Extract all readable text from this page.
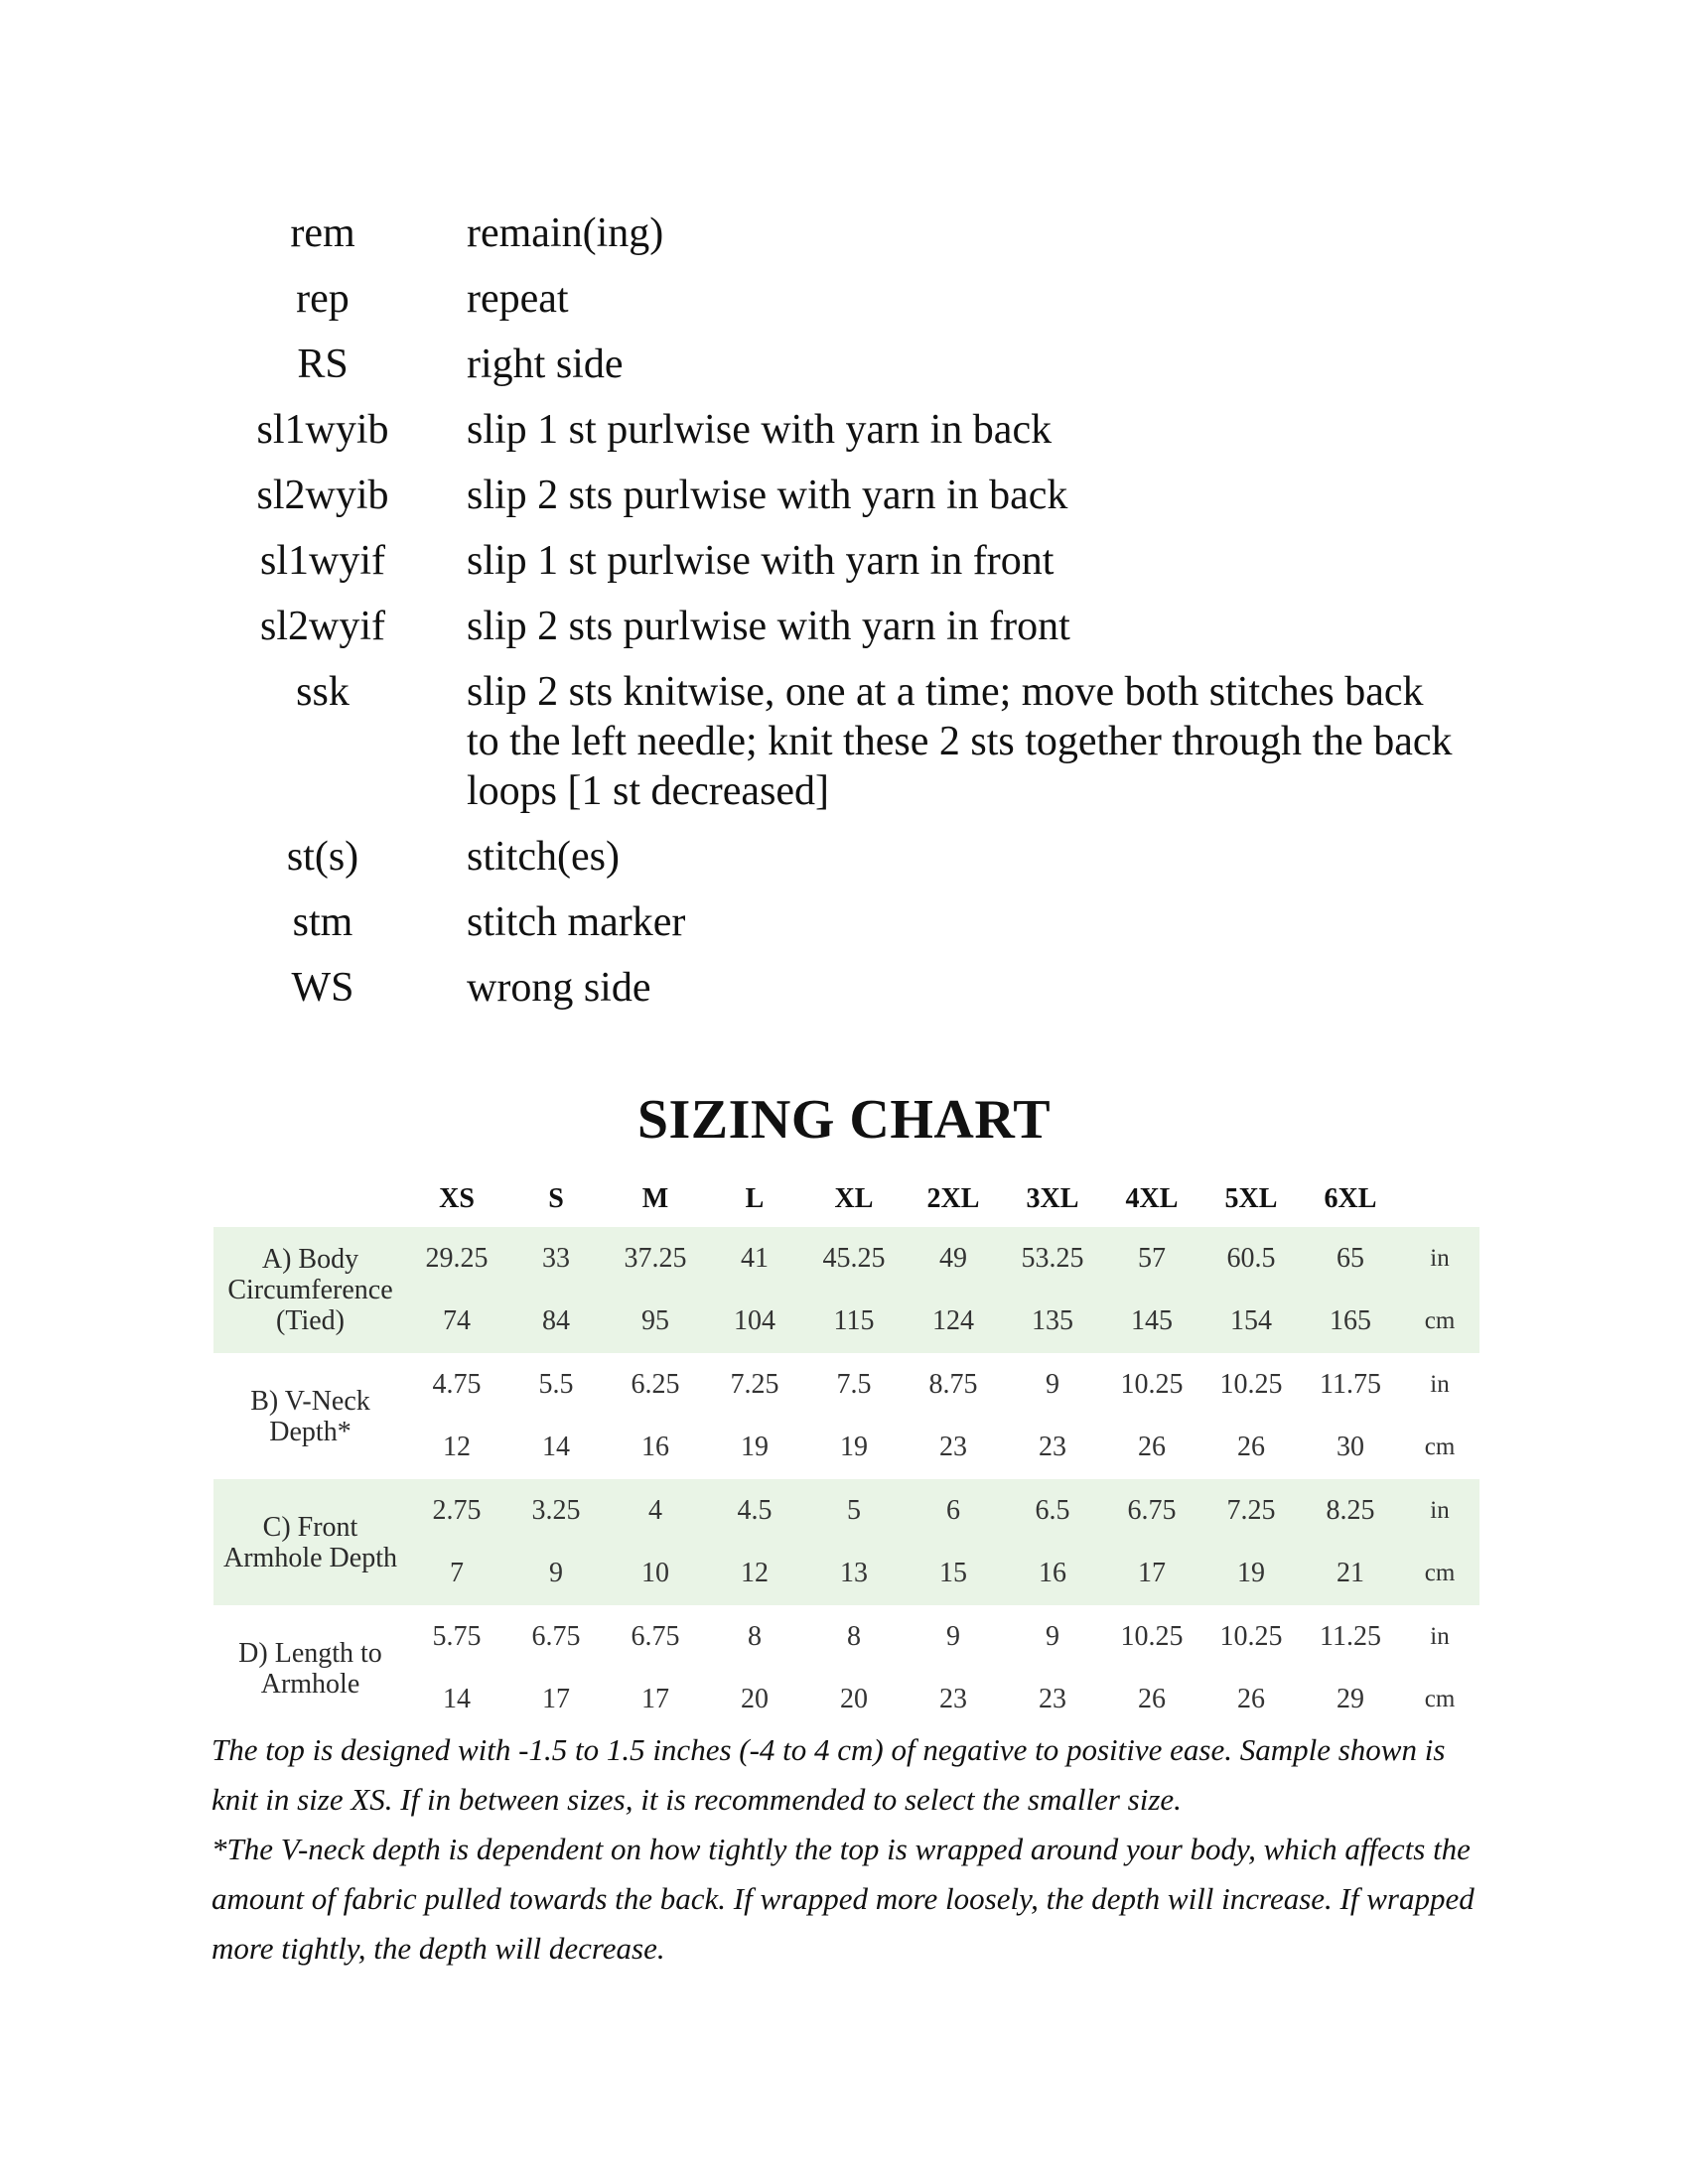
rem	remain(ing)
rep	repeat
RS	right side
sl1wyib	slip 1 st purlwise with yarn in back
sl2wyib	slip 2 sts purlwise with yarn in back
sl1wyif	slip 1 st purlwise with yarn in front
sl2wyif	slip 2 sts purlwise with yarn in front
ssk	slip 2 sts knitwise, one at a time; move both stitches back to the left needle; knit these 2 sts together through the back loops [1 st decreased]
st(s)	stitch(es)
stm	stitch marker
WS	wrong side
SIZING CHART
XS	S	M	L	XL	2XL	3XL	4XL	5XL	6XL
A) Body Circumference (Tied)
29.25	33	37.25	41	45.25	49	53.25	57	60.5	65	in
74	84	95	104	115	124	135	145	154	165	cm
B) V-Neck Depth*
4.75	5.5	6.25	7.25	7.5	8.75	9	10.25	10.25	11.75	in
12	14	16	19	19	23	23	26	26	30	cm
C) Front Armhole Depth
2.75	3.25	4	4.5	5	6	6.5	6.75	7.25	8.25	in
7	9	10	12	13	15	16	17	19	21	cm
D) Length to Armhole
5.75	6.75	6.75	8	8	9	9	10.25	10.25	11.25	in
14	17	17	20	20	23	23	26	26	29	cm

The top is designed with -1.5 to 1.5 inches (-4 to 4 cm) of negative to positive ease. Sample shown is knit in size XS. If in between sizes, it is recommended to select the smaller size.

*The V-neck depth is dependent on how tightly the top is wrapped around your body, which affects the amount of fabric pulled towards the back. If wrapped more loosely, the depth will increase. If wrapped more tightly, the depth will decrease.
